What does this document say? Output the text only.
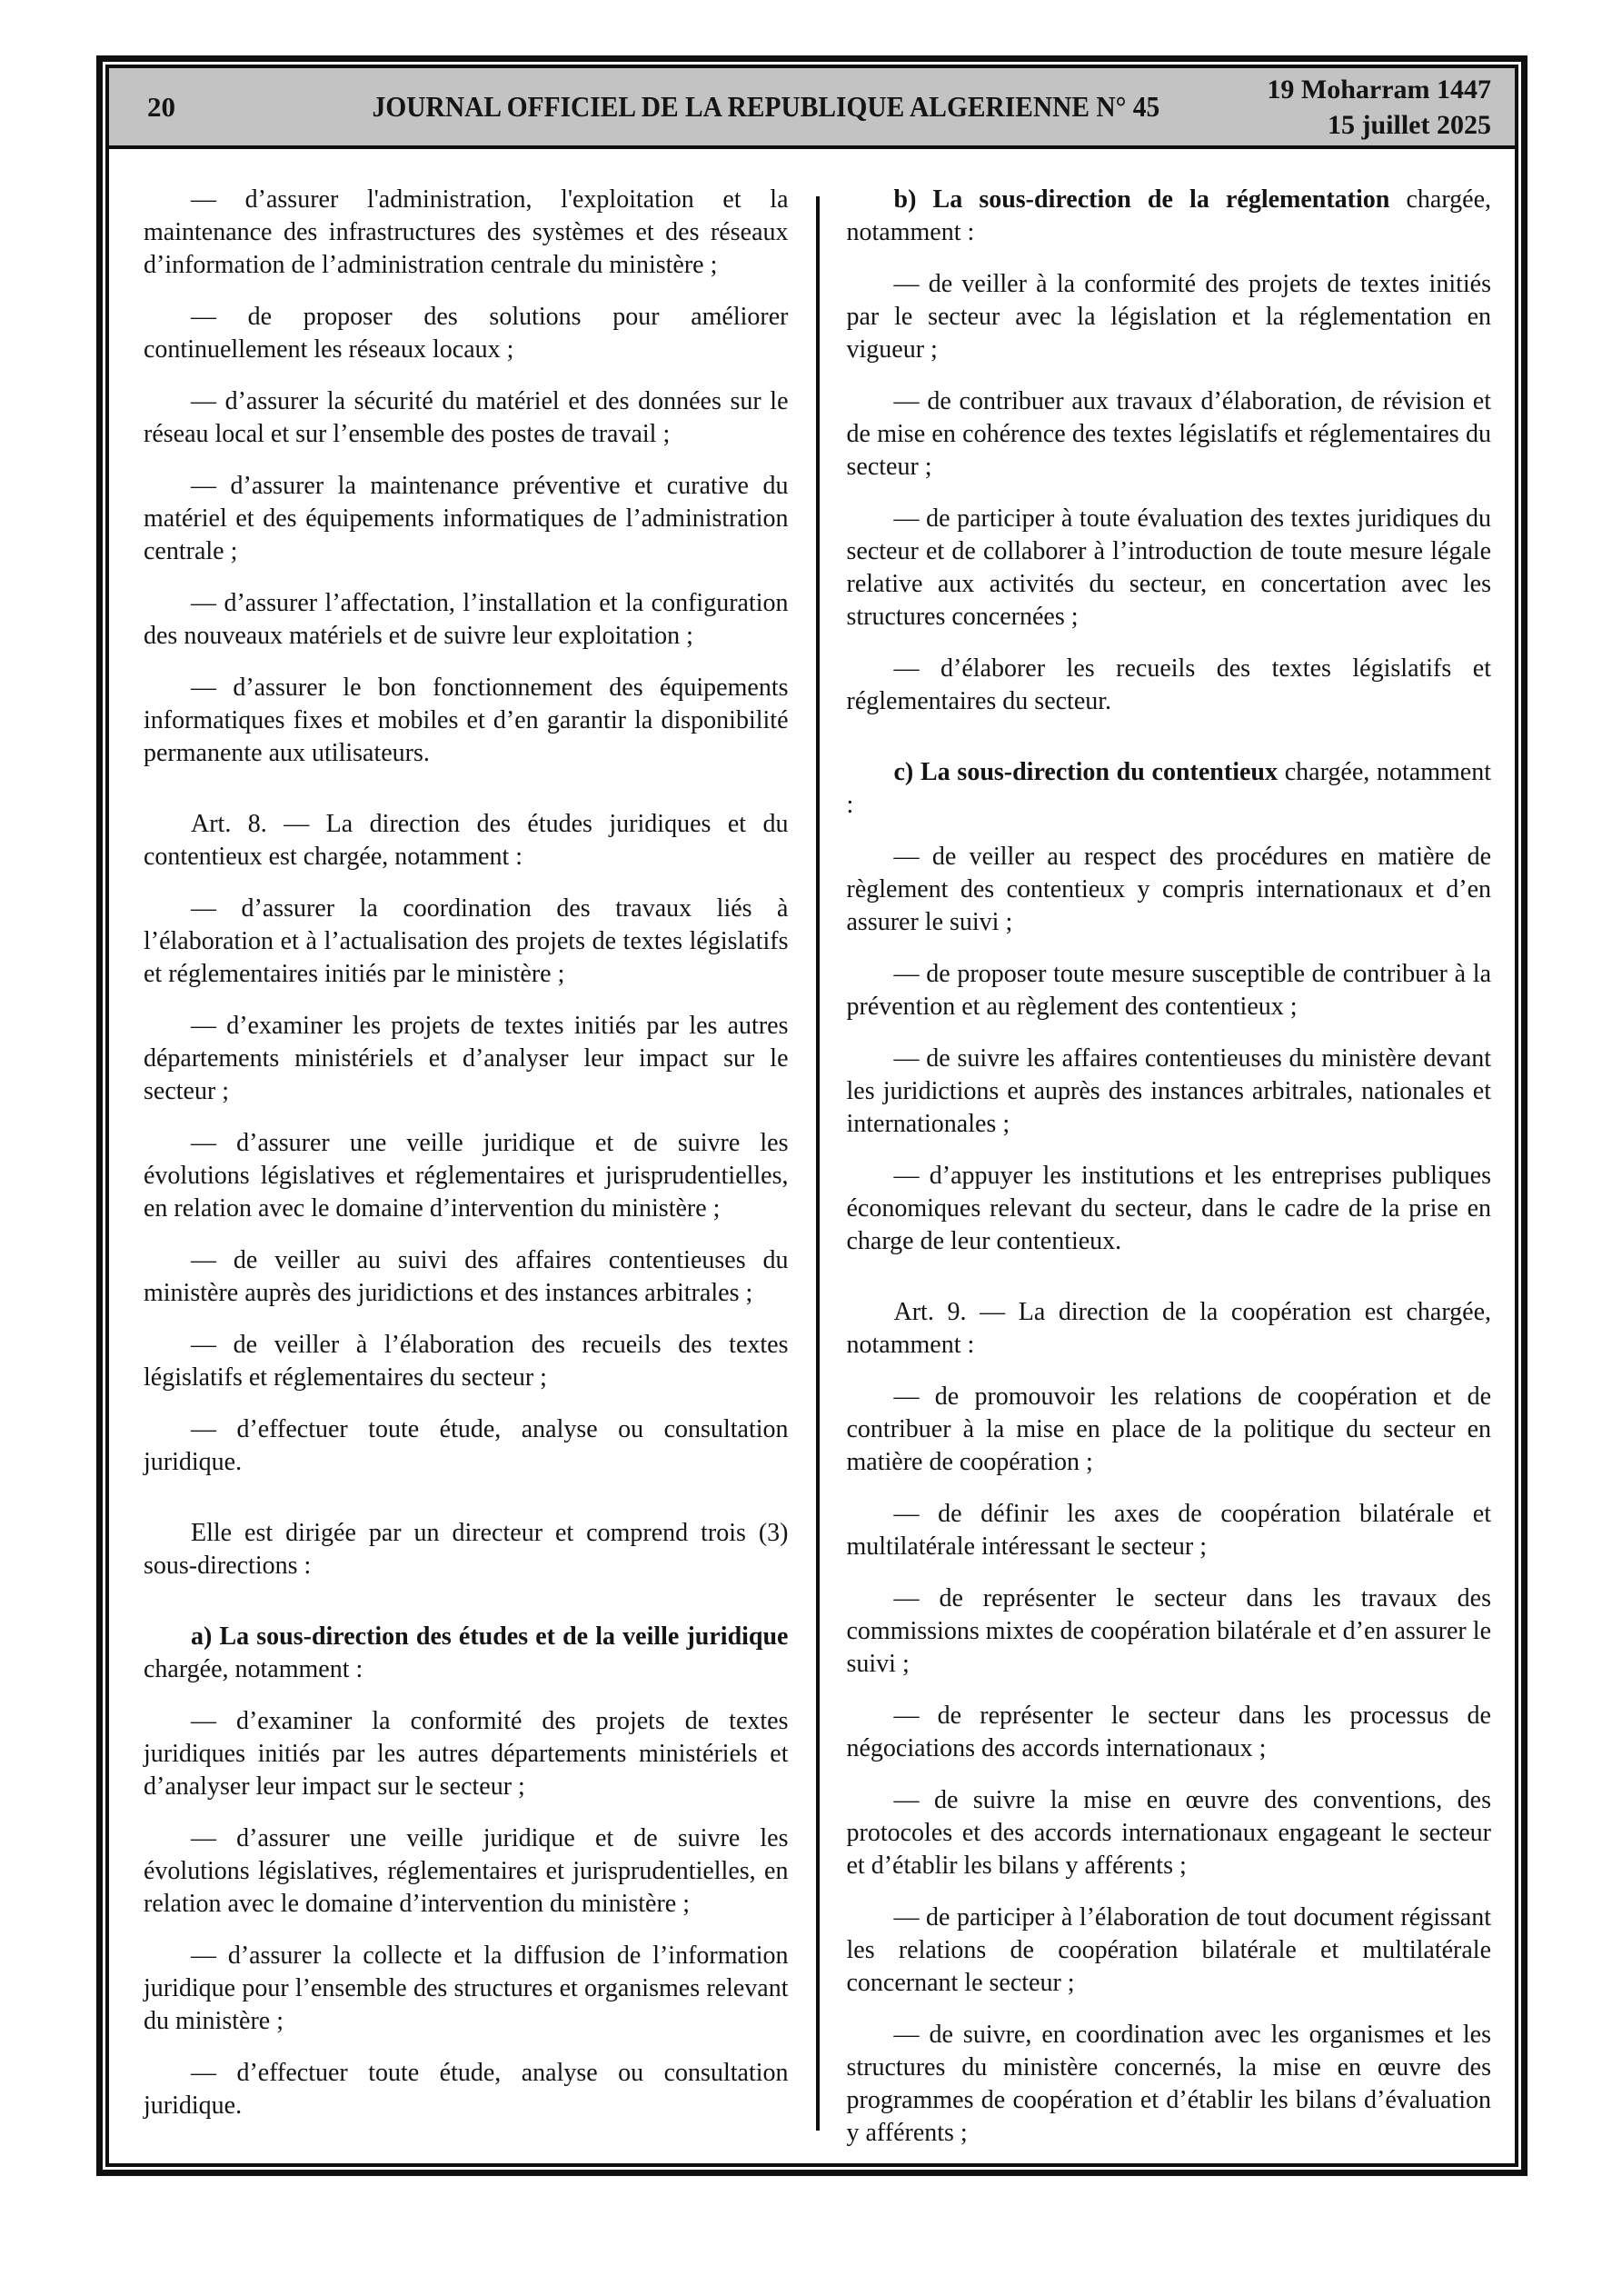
20	JOURNAL OFFICIEL DE LA REPUBLIQUE ALGERIENNE N° 45
19 Moharram 1447
15 juillet 2025

— d’assurer l'administration, l'exploitation et la maintenance des infrastructures des systèmes et des réseaux d’information de l’administration centrale du ministère ;

— de proposer des solutions pour améliorer continuellement les réseaux locaux ;

— d’assurer la sécurité du matériel et des données sur le réseau local et sur l’ensemble des postes de travail ;

— d’assurer la maintenance préventive et curative du matériel et des équipements informatiques de l’administration centrale ;

— d’assurer l’affectation, l’installation et la configuration des nouveaux matériels et de suivre leur exploitation ;

— d’assurer le bon fonctionnement des équipements informatiques fixes et mobiles et d’en garantir la disponibilité permanente aux utilisateurs.

Art. 8. — La direction des études juridiques et du contentieux est chargée, notamment :

— d’assurer la coordination des travaux liés à l’élaboration et à l’actualisation des projets de textes législatifs et réglementaires initiés par le ministère ;

— d’examiner les projets de textes initiés par les autres départements ministériels et d’analyser leur impact sur le secteur ;

— d’assurer une veille juridique et de suivre les évolutions législatives et réglementaires et jurisprudentielles, en relation avec le domaine d’intervention du ministère ;

— de veiller au suivi des affaires contentieuses du ministère auprès des juridictions et des instances arbitrales ;

— de veiller à l’élaboration des recueils des textes législatifs et réglementaires du secteur ;

— d’effectuer toute étude, analyse ou consultation juridique.

Elle est dirigée par un directeur et comprend trois (3) sous-directions :

a) La sous-direction des études et de la veille juridique chargée, notamment :

— d’examiner la conformité des projets de textes juridiques initiés par les autres départements ministériels et d’analyser leur impact sur le secteur ;

— d’assurer une veille juridique et de suivre les évolutions législatives, réglementaires et jurisprudentielles, en relation avec le domaine d’intervention du ministère ;

— d’assurer la collecte et la diffusion de l’information juridique pour l’ensemble des structures et organismes relevant du ministère ;

— d’effectuer toute étude, analyse ou consultation juridique.

b) La sous-direction de la réglementation chargée, notamment :

— de veiller à la conformité des projets de textes initiés par le secteur avec la législation et la réglementation en vigueur ;

— de contribuer aux travaux d’élaboration, de révision et de mise en cohérence des textes législatifs et réglementaires du secteur ;

— de participer à toute évaluation des textes juridiques du secteur et de collaborer à l’introduction de toute mesure légale relative aux activités du secteur, en concertation avec les structures concernées ;

— d’élaborer les recueils des textes législatifs et réglementaires du secteur.

c) La sous-direction du contentieux chargée, notamment :

— de veiller au respect des procédures en matière de règlement des contentieux y compris internationaux et d’en assurer le suivi ;

— de proposer toute mesure susceptible de contribuer à la prévention et au règlement des contentieux ;

— de suivre les affaires contentieuses du ministère devant les juridictions et auprès des instances arbitrales, nationales et internationales ;

— d’appuyer les institutions et les entreprises publiques économiques relevant du secteur, dans le cadre de la prise en charge de leur contentieux.

Art. 9. — La direction de la coopération est chargée, notamment :

— de promouvoir les relations de coopération et de contribuer à la mise en place de la politique du secteur en matière de coopération ;

— de définir les axes de coopération bilatérale et multilatérale intéressant le secteur ;

— de représenter le secteur dans les travaux des commissions mixtes de coopération bilatérale et d’en assurer le suivi ;

— de représenter le secteur dans les processus de négociations des accords internationaux ;

— de suivre la mise en œuvre des conventions, des protocoles et des accords internationaux engageant le secteur et d’établir les bilans y afférents ;

— de participer à l’élaboration de tout document régissant les relations de coopération bilatérale et multilatérale concernant le secteur ;

— de suivre, en coordination avec les organismes et les structures du ministère concernés, la mise en œuvre des programmes de coopération et d’établir les bilans d’évaluation y afférents ;
